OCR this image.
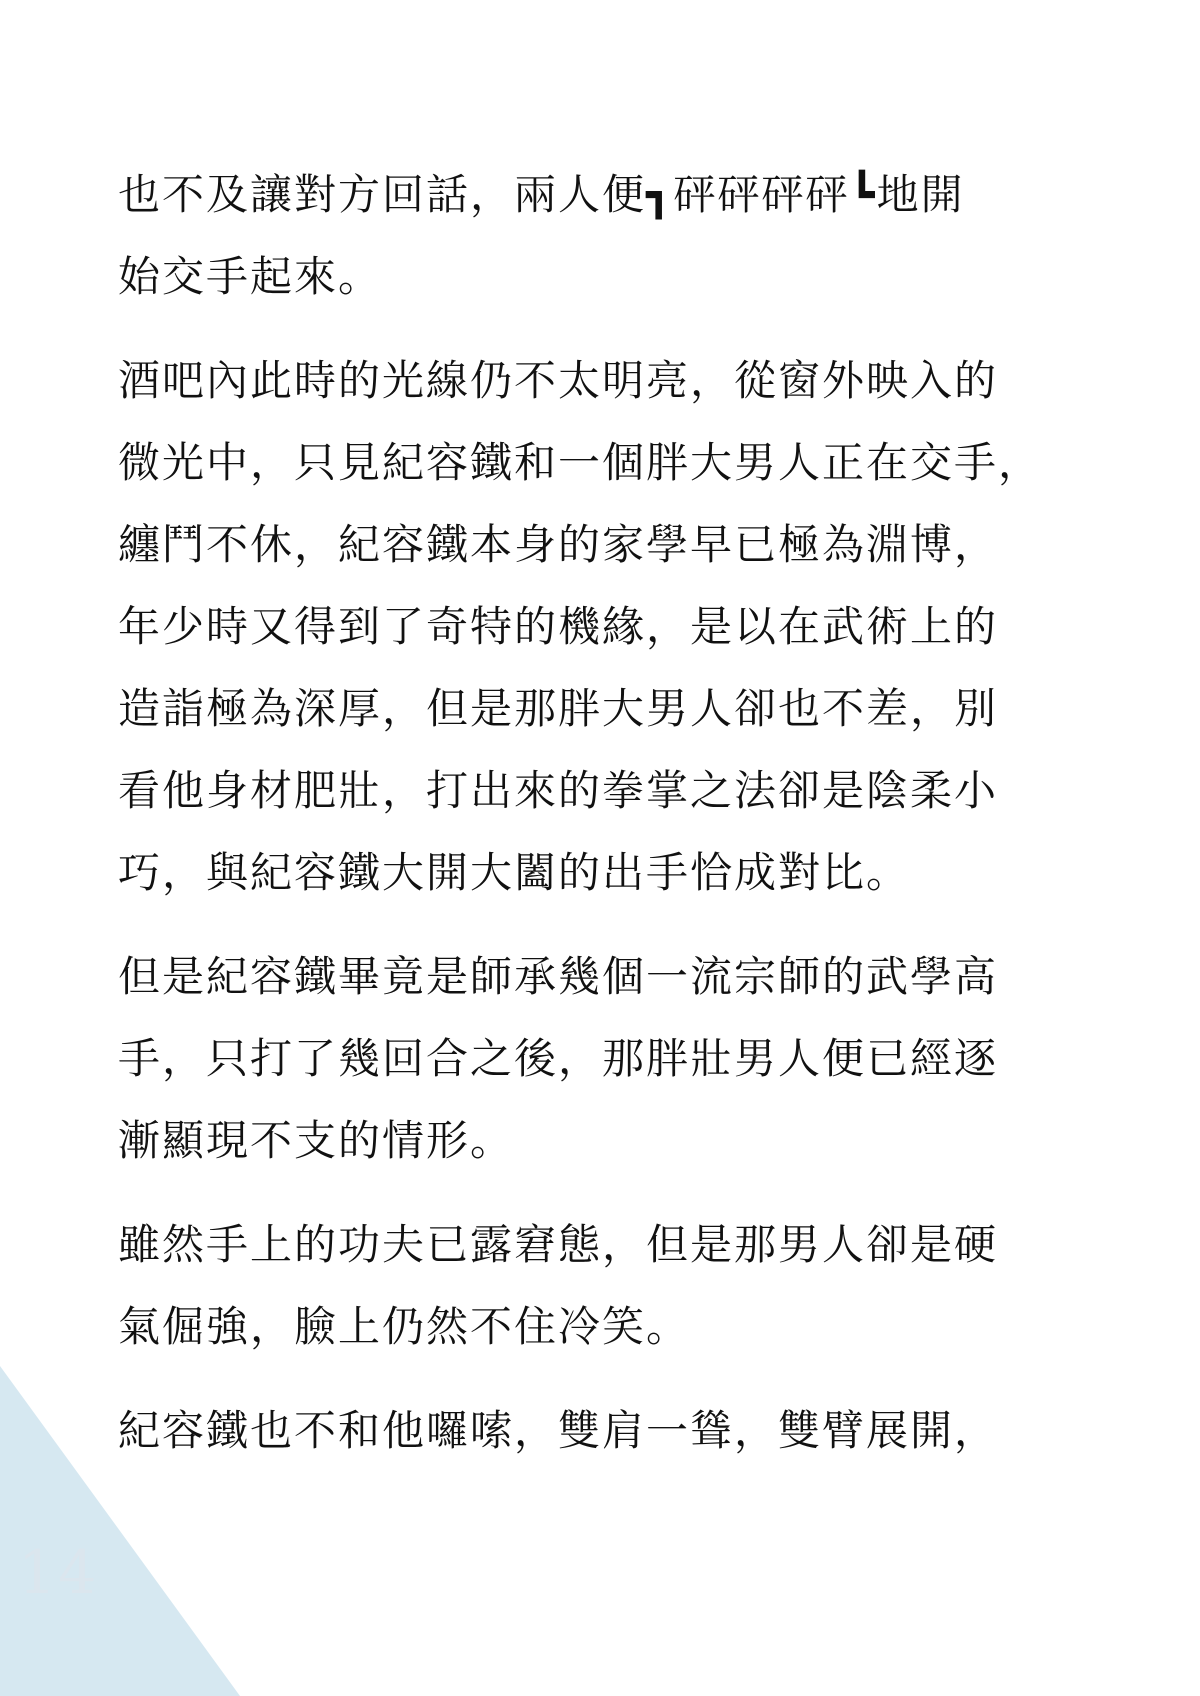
也不及讓對方回話，兩人便┓砰砰砰砰┗地開
始交手起來。

酒吧內此時的光線仍不太明亮，從窗外映入的
微光中，只見紀容鐵和一個胖大男人正在交手，
纏鬥不休，紀容鐵本身的家學早已極為淵博，
年少時又得到了奇特的機緣，是以在武術上的
造詣極為深厚，但是那胖大男人卻也不差，別
看他身材肥壯，打出來的拳掌之法卻是陰柔小
巧，與紀容鐵大開大闔的出手恰成對比。

但是紀容鐵畢竟是師承幾個一流宗師的武學高
手，只打了幾回合之後，那胖壯男人便已經逐
漸顯現不支的情形。

雖然手上的功夫已露窘態，但是那男人卻是硬
氣倔強，臉上仍然不住冷笑。

紀容鐵也不和他囉嗦，雙肩一聳，雙臂展開，

14
